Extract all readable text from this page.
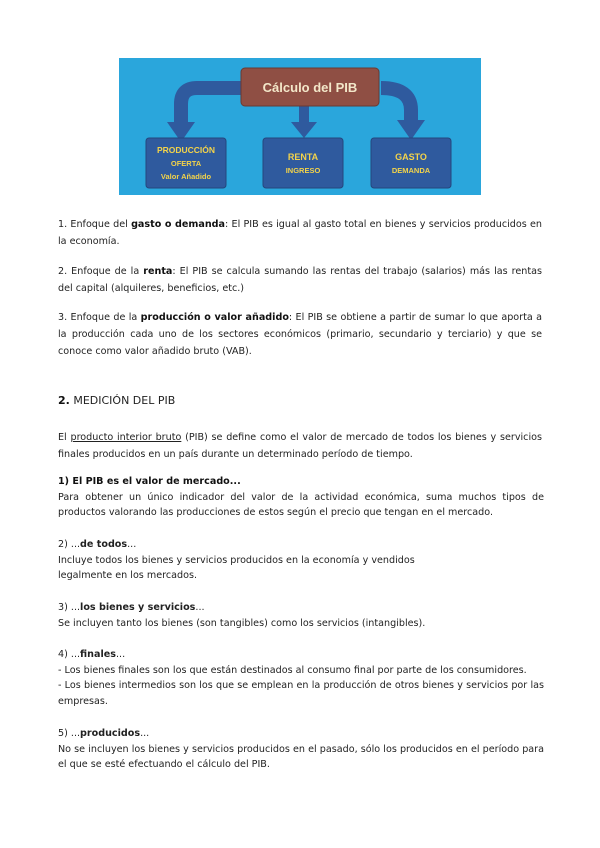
Cálculo del PIB
PRODUCCIÓN
OFERTA
Valor Añadido
RENTA
INGRESO
GASTO
DEMANDA

1. Enfoque del gasto o demanda: El PIB es igual al gasto total en bienes y servicios producidos en la economía.

2. Enfoque de la renta: El PIB se calcula sumando las rentas del trabajo (salarios) más las rentas del capital (alquileres, beneficios, etc.)

3. Enfoque de la producción o valor añadido: El PIB se obtiene a partir de sumar lo que aporta a la producción cada uno de los sectores económicos (primario, secundario y terciario) y que se conoce como valor añadido bruto (VAB).

2. MEDICIÓN DEL PIB

El producto interior bruto (PIB) se define como el valor de mercado de todos los bienes y servicios finales producidos en un país durante un determinado período de tiempo.

1) El PIB es el valor de mercado...
Para obtener un único indicador del valor de la actividad económica, suma muchos tipos de productos valorando las producciones de estos según el precio que tengan en el mercado.
2) ...de todos...
Incluye todos los bienes y servicios producidos en la economía y vendidos
legalmente en los mercados.
3) ...los bienes y servicios...
Se incluyen tanto los bienes (son tangibles) como los servicios (intangibles).
4) ...finales...
- Los bienes finales son los que están destinados al consumo final por parte de los consumidores.
- Los bienes intermedios son los que se emplean en la producción de otros bienes y servicios por las empresas.
5) ...producidos...
No se incluyen los bienes y servicios producidos en el pasado, sólo los producidos en el período para el que se esté efectuando el cálculo del PIB.
